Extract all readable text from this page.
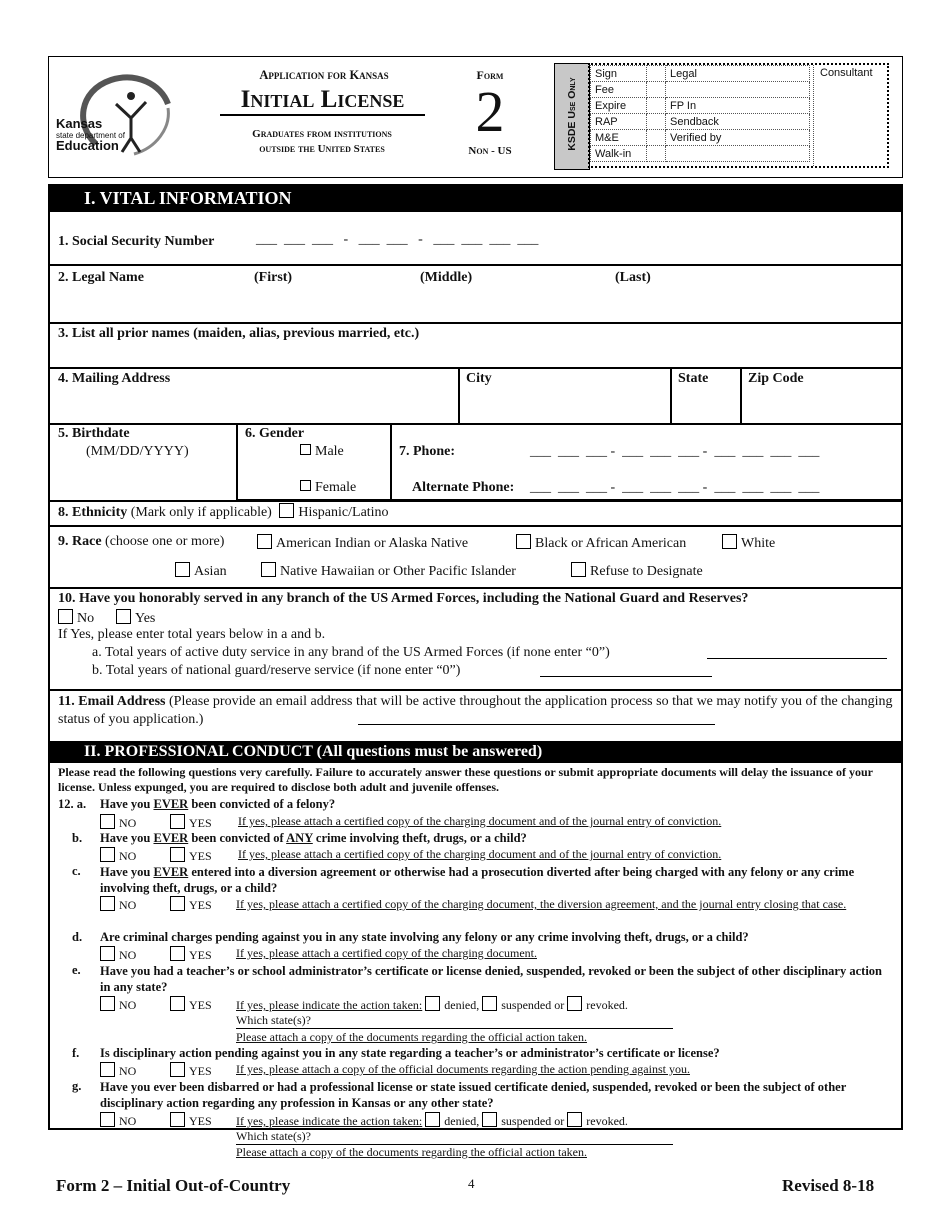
Kansas
state department of
Education
Application for Kansas
Initial License
Graduates from institutions
outside the United States
Form
2
Non - US
KSDE Use Only
Sign		Legal
Fee		
Expire		FP In
RAP		Sendback
M&E		Verified by
Walk-in		
Consultant
I. VITAL INFORMATION
1. Social Security Number	___  ___  ___   -   ___  ___   -   ___  ___  ___  ___
2. Legal Name	(First)	(Middle)	(Last)
3. List all prior names (maiden, alias, previous married, etc.)
4. Mailing Address	City	State	Zip Code
5. Birthdate
(MM/DD/YYYY)
6. Gender
Male
Female
7. Phone:	___  ___  ___ -  ___  ___  ___ -  ___  ___  ___  ___
Alternate Phone: ___  ___  ___ -  ___  ___  ___ -  ___  ___  ___  ___
8. Ethnicity (Mark only if applicable) Hispanic/Latino
9. Race (choose one or more)	American Indian or Alaska Native	Black or African American	White
Asian	Native Hawaiian or Other Pacific Islander	Refuse to Designate
10. Have you honorably served in any branch of the US Armed Forces, including the National Guard and Reserves?
No	Yes
If Yes, please enter total years below in a and b.
a. Total years of active duty service in any brand of the US Armed Forces (if none enter “0”)
b. Total years of national guard/reserve service (if none enter “0”)
11. Email Address (Please provide an email address that will be active throughout the application process so that we may notify you of the changing status of you application.)
II. PROFESSIONAL CONDUCT (All questions must be answered)
Please read the following questions very carefully. Failure to accurately answer these questions or submit appropriate documents will delay the issuance of your license. Unless expunged, you are required to disclose both adult and juvenile offenses.
12. a. Have you EVER been convicted of a felony?
NO	YES If yes, please attach a certified copy of the charging document and of the journal entry of conviction.
b. Have you EVER been convicted of ANY crime involving theft, drugs, or a child?
NO	YES If yes, please attach a certified copy of the charging document and of the journal entry of conviction.
c. Have you EVER entered into a diversion agreement or otherwise had a prosecution diverted after being charged with any felony or any crime involving theft, drugs, or a child?
NO	YES If yes, please attach a certified copy of the charging document, the diversion agreement, and the journal entry closing that case.
d. Are criminal charges pending against you in any state involving any felony or any crime involving theft, drugs, or a child?
NO	YES If yes, please attach a certified copy of the charging document.
e. Have you had a teacher’s or school administrator’s certificate or license denied, suspended, revoked or been the subject of other disciplinary action in any state?
NO	YES If yes, please indicate the action taken: denied, suspended or revoked.
Which state(s)?
Please attach a copy of the documents regarding the official action taken.
f. Is disciplinary action pending against you in any state regarding a teacher’s or administrator’s certificate or license?
NO	YES If yes, please attach a copy of the official documents regarding the action pending against you.
g. Have you ever been disbarred or had a professional license or state issued certificate denied, suspended, revoked or been the subject of other disciplinary action regarding any profession in Kansas or any other state?
NO	YES If yes, please indicate the action taken: denied, suspended or revoked.
Which state(s)?
Please attach a copy of the documents regarding the official action taken.
Form 2 – Initial Out-of-Country	4	Revised 8-18
